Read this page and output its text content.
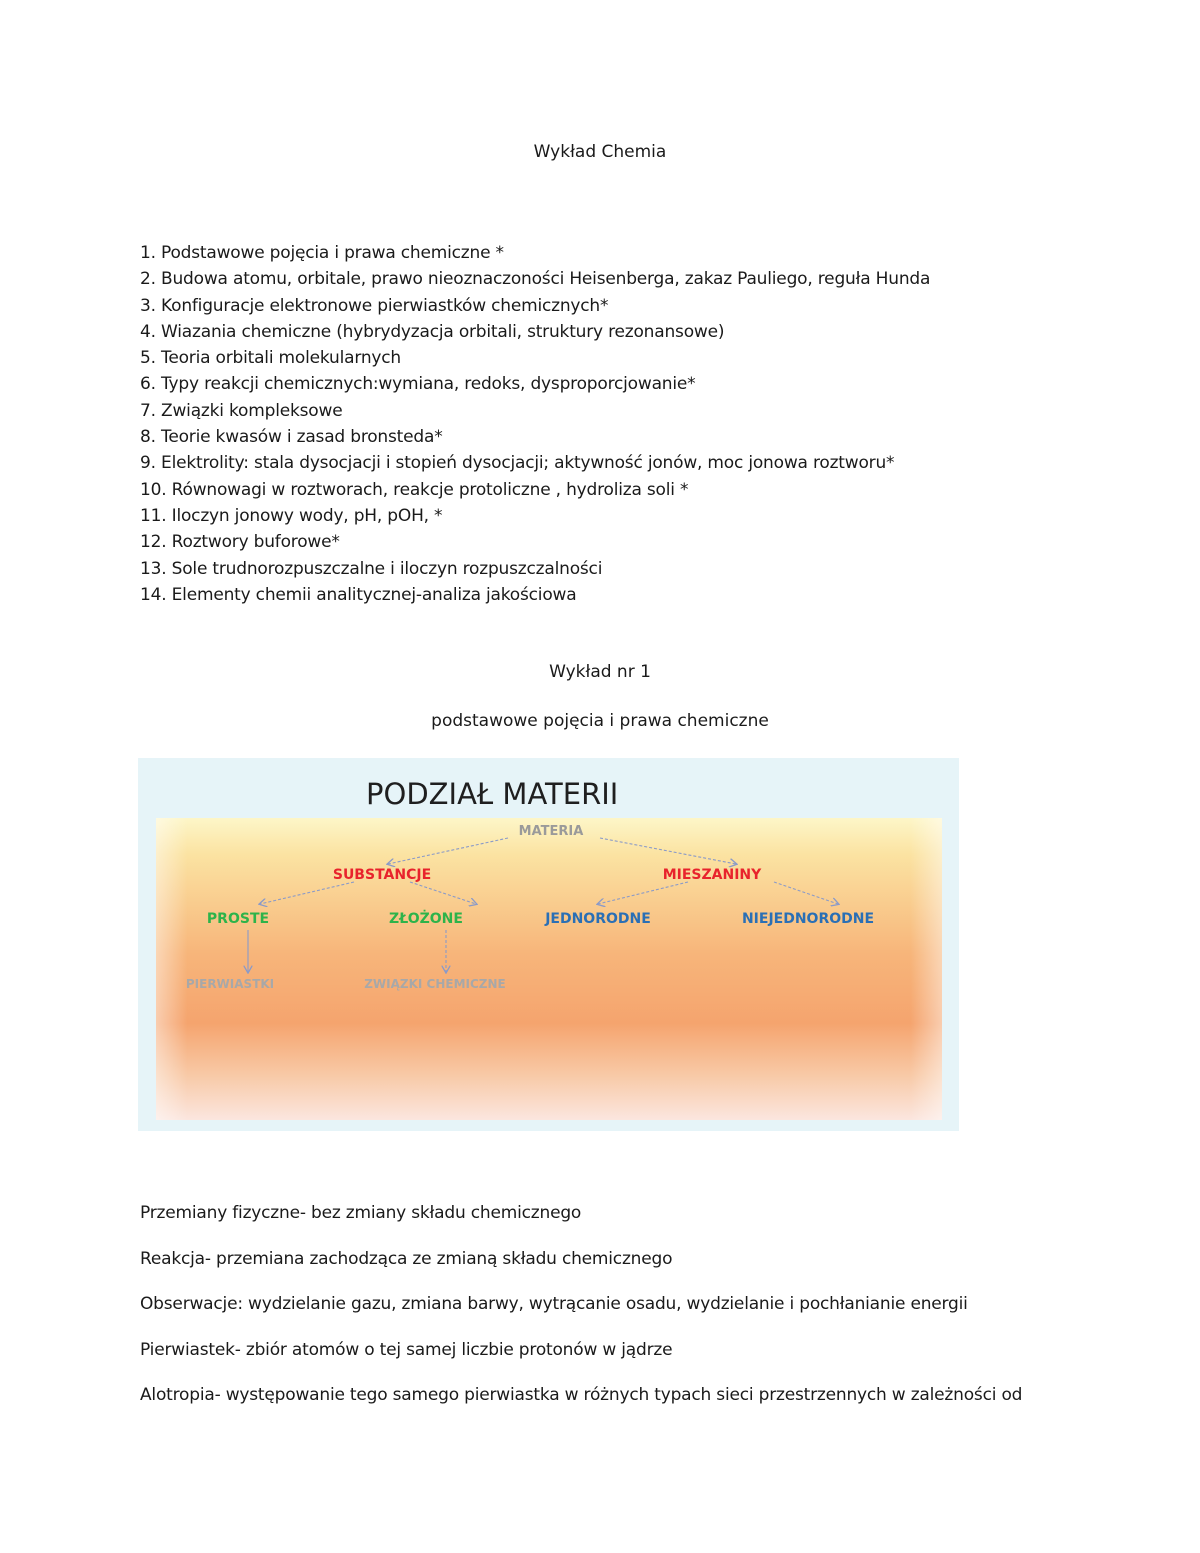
Wykład Chemia
1. Podstawowe pojęcia i prawa chemiczne *
2. Budowa atomu, orbitale, prawo nieoznaczoności Heisenberga, zakaz Pauliego, reguła Hunda
3. Konfiguracje elektronowe pierwiastków chemicznych*
4. Wiazania chemiczne (hybrydyzacja orbitali, struktury rezonansowe)
5. Teoria orbitali molekularnych
6. Typy reakcji chemicznych:wymiana, redoks, dysproporcjowanie*
7. Związki kompleksowe
8. Teorie kwasów i zasad bronsteda*
9. Elektrolity: stala dysocjacji i stopień dysocjacji; aktywność jonów, moc jonowa roztworu*
10. Równowagi w roztworach, reakcje protoliczne , hydroliza soli *
11. Iloczyn jonowy wody, pH, pOH, *
12. Roztwory buforowe*
13. Sole trudnorozpuszczalne i iloczyn rozpuszczalności
14. Elementy chemii analitycznej-analiza jakościowa
Wykład nr 1
podstawowe pojęcia i prawa chemiczne
PODZIAŁ MATERII
MATERIA
SUBSTANCJE	MIESZANINY
PROSTE	ZŁOŻONE	JEDNORODNE	NIEJEDNORODNE
PIERWIASTKI	ZWIĄZKI CHEMICZNE

Przemiany fizyczne- bez zmiany składu chemicznego

Reakcja- przemiana zachodząca ze zmianą składu chemicznego

Obserwacje: wydzielanie gazu, zmiana barwy, wytrącanie osadu, wydzielanie i pochłanianie energii

Pierwiastek- zbiór atomów o tej samej liczbie protonów w jądrze

Alotropia- występowanie tego samego pierwiastka w różnych typach sieci przestrzennych w zależności od
